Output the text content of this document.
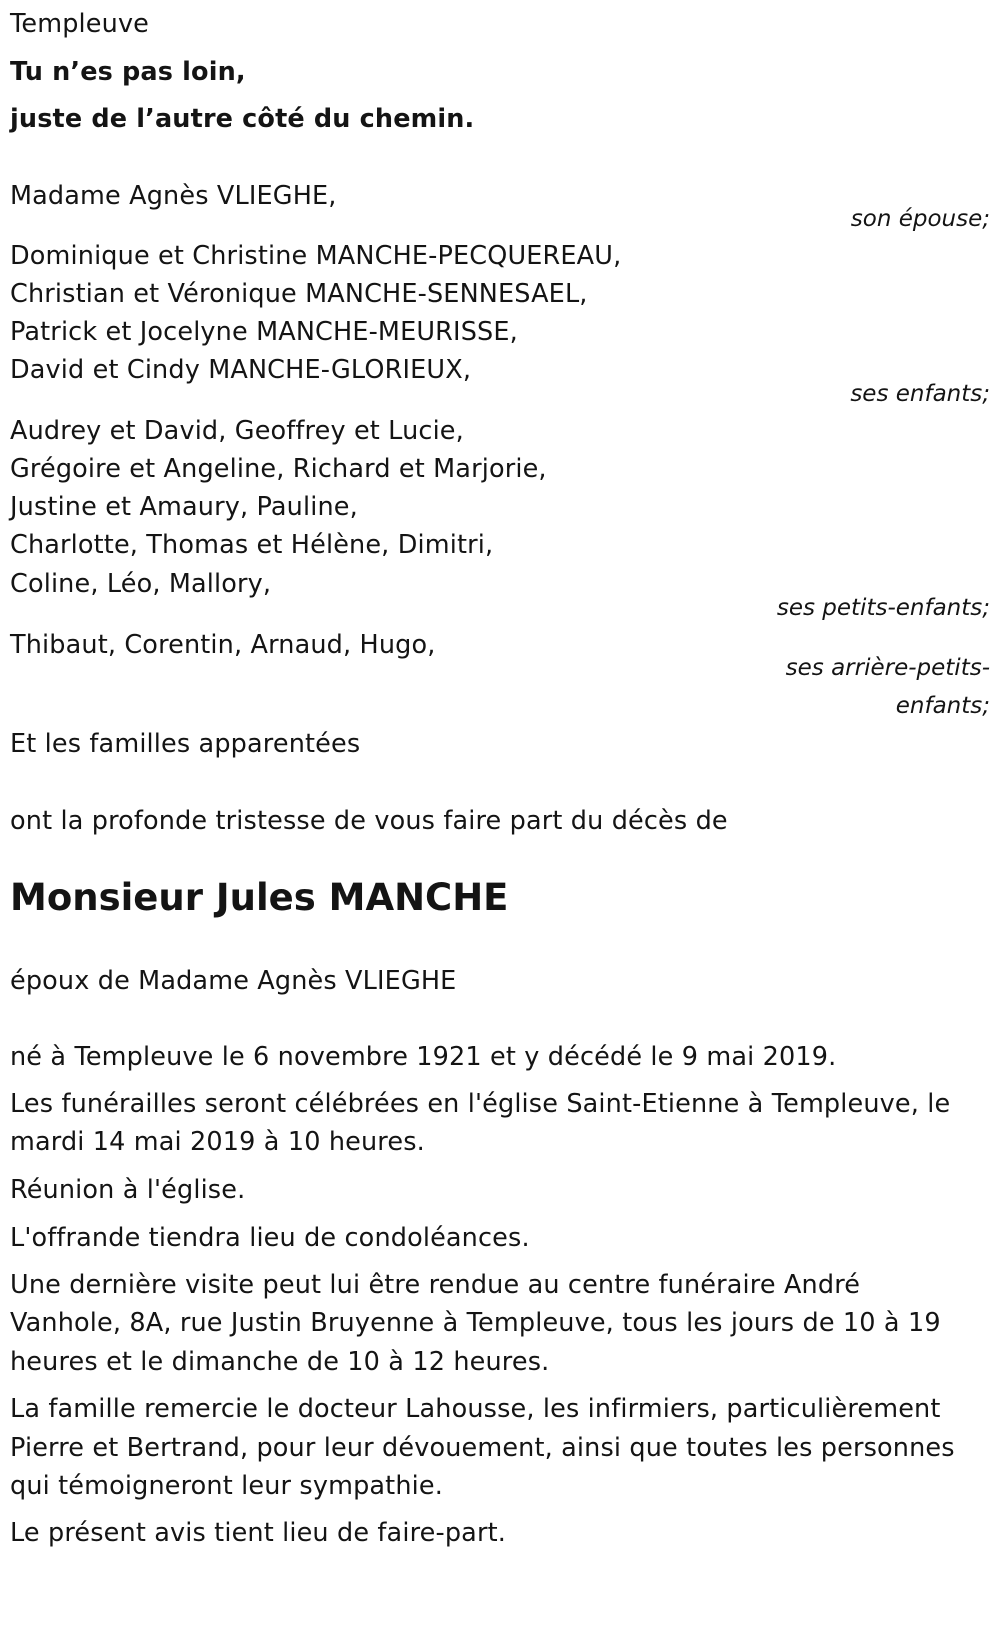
Templeuve

Tu n’es pas loin,

juste de l’autre côté du chemin.

Madame Agnès VLIEGHE,

son épouse;

Dominique et Christine MANCHE-PECQUEREAU,

Christian et Véronique MANCHE-SENNESAEL,

Patrick et Jocelyne MANCHE-MEURISSE,

David et Cindy MANCHE-GLORIEUX,

ses enfants;

Audrey et David, Geoffrey et Lucie,

Grégoire et Angeline, Richard et Marjorie,

Justine et Amaury, Pauline,

Charlotte, Thomas et Hélène, Dimitri,

Coline, Léo, Mallory,

ses petits-enfants;

Thibaut, Corentin, Arnaud, Hugo,

ses arrière-petits-

enfants;

Et les familles apparentées

ont la profonde tristesse de vous faire part du décès de

Monsieur Jules MANCHE

époux de Madame Agnès VLIEGHE

né à Templeuve le 6 novembre 1921 et y décédé le 9 mai 2019.

Les funérailles seront célébrées en l'église Saint-Etienne à Templeuve, le

mardi 14 mai 2019 à 10 heures.

Réunion à l'église.

L'offrande tiendra lieu de condoléances.

Une dernière visite peut lui être rendue au centre funéraire André

Vanhole, 8A, rue Justin Bruyenne à Templeuve, tous les jours de 10 à 19

heures et le dimanche de 10 à 12 heures.

La famille remercie le docteur Lahousse, les infirmiers, particulièrement

Pierre et Bertrand, pour leur dévouement, ainsi que toutes les personnes

qui témoigneront leur sympathie.

Le présent avis tient lieu de faire-part.
